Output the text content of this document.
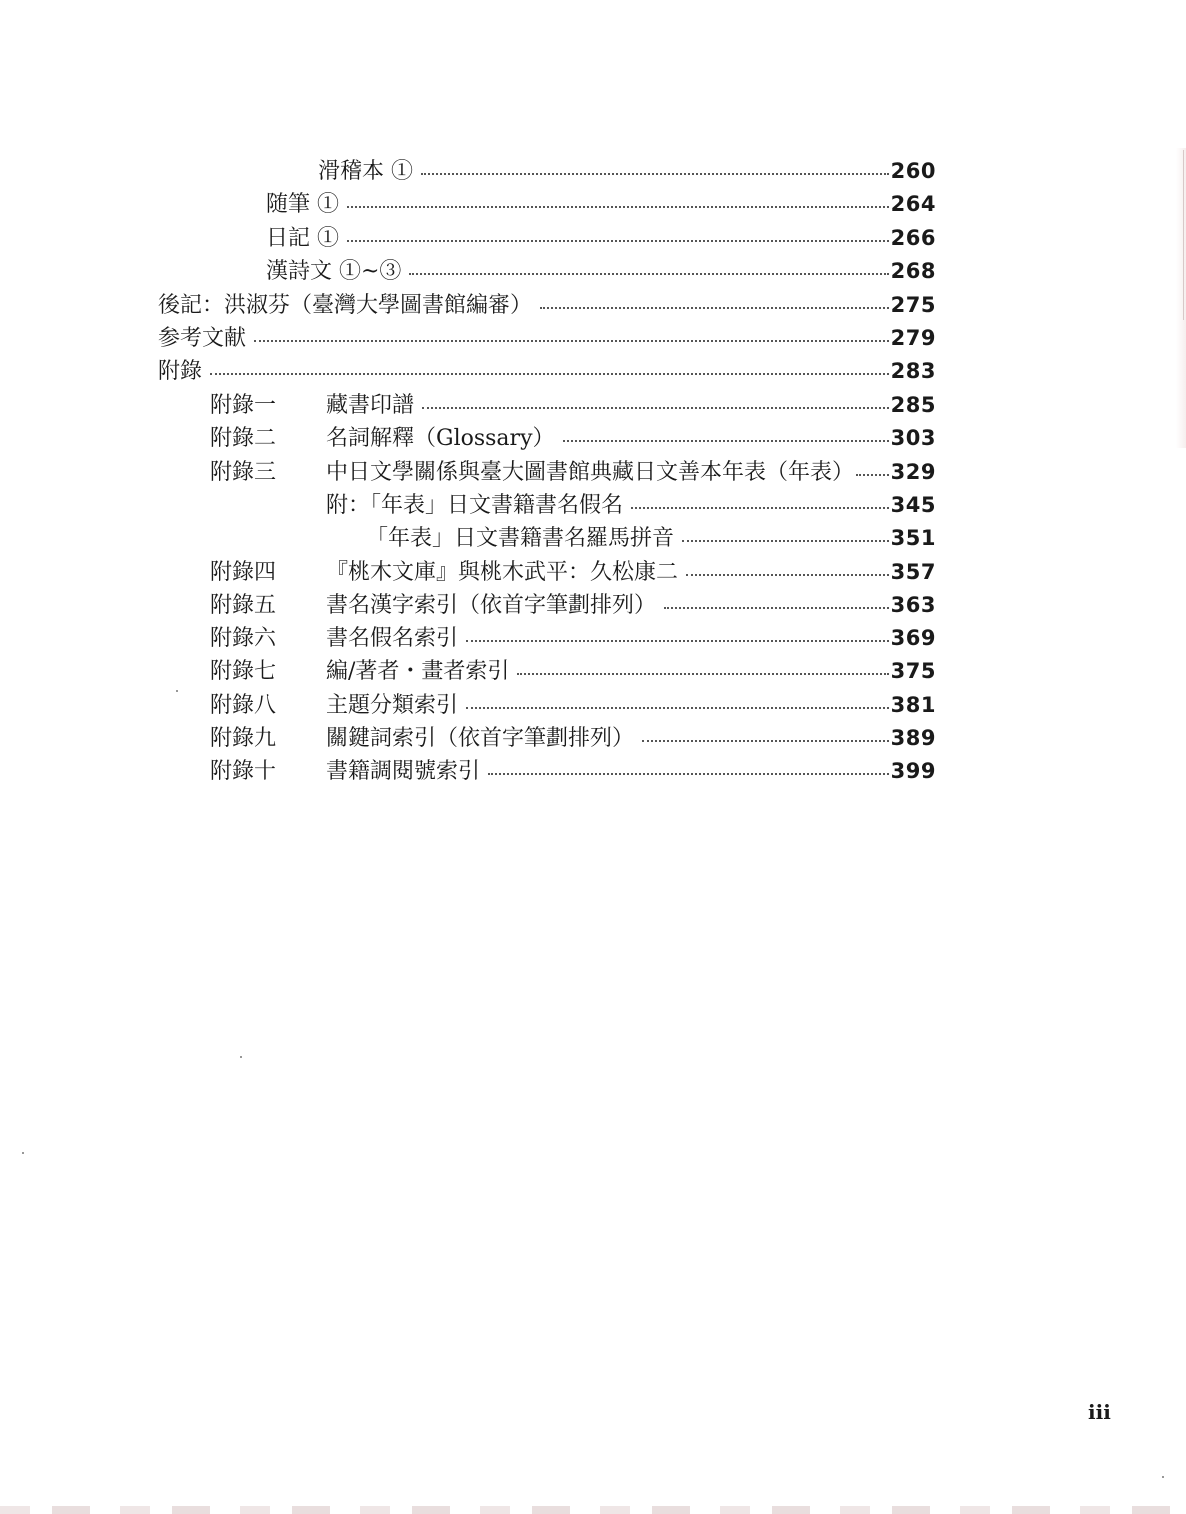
滑稽本 ①	260
随筆 ①	264
日記 ①	266
漢詩文 ①~③	268
後記：洪淑芬（臺灣大學圖書館編審）	275
参考文献	279
附錄	283
附錄一	藏書印譜	285
附錄二	名詞解釋（Glossary）	303
附錄三	中日文學關係與臺大圖書館典藏日文善本年表（年表） 329
附：「年表」日文書籍書名假名	345
「年表」日文書籍書名羅馬拼音	351
附錄四	『桃木文庫』與桃木武平：久松康二	357
附錄五	書名漢字索引（依首字筆劃排列）	363
附錄六	書名假名索引	369
附錄七	編/著者・畫者索引	375
附錄八	主題分類索引	381
附錄九	關鍵詞索引（依首字筆劃排列）	389
附錄十	書籍調閱號索引	399
iii
